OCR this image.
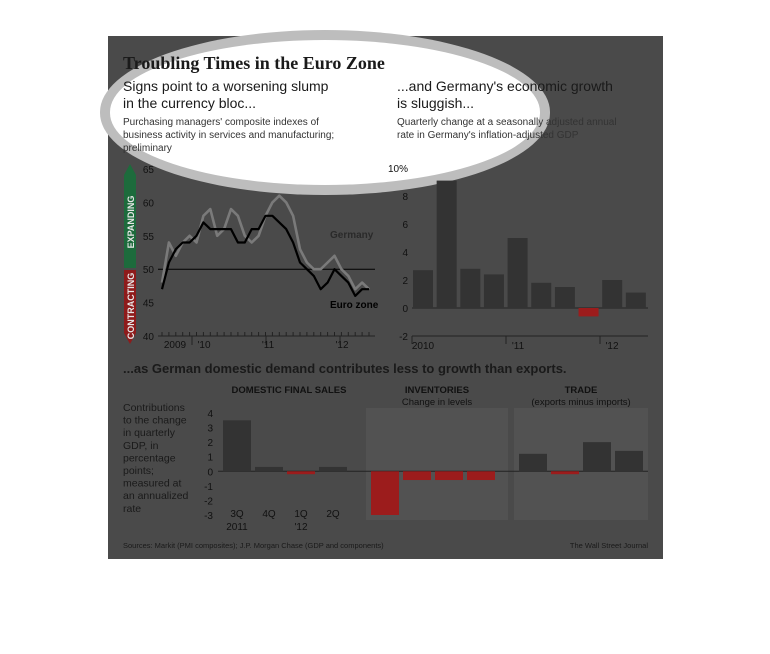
Troubling Times in the Euro Zone
Signs point to a worsening slump
in the currency bloc...
Purchasing managers' composite indexes of
business activity in services and manufacturing;
preliminary
...and Germany's economic growth
is sluggish...
Quarterly change at a seasonally adjusted annual
rate in Germany's inflation-adjusted GDP
EXPANDING
CONTRACTING 40
45
50
55
60
65
2009 '10	'11	'12
Germany
Euro zone
-2
0
2
4
6
8
10%
2010	'11	'12
...as German domestic demand contributes less to growth than exports.
Contributions
to the change
in quarterly
GDP, in
percentage
points;
measured at
an annualized
rate
DOMESTIC FINAL SALES	INVENTORIES
Change in levels
TRADE
(exports minus imports)
-3
-2
-1
0
1
2
3
4
3Q
2011
4Q 1Q
'12
2Q
Sources: Markit (PMI composites); J.P. Morgan Chase (GDP and components)	The Wall Street Journal
